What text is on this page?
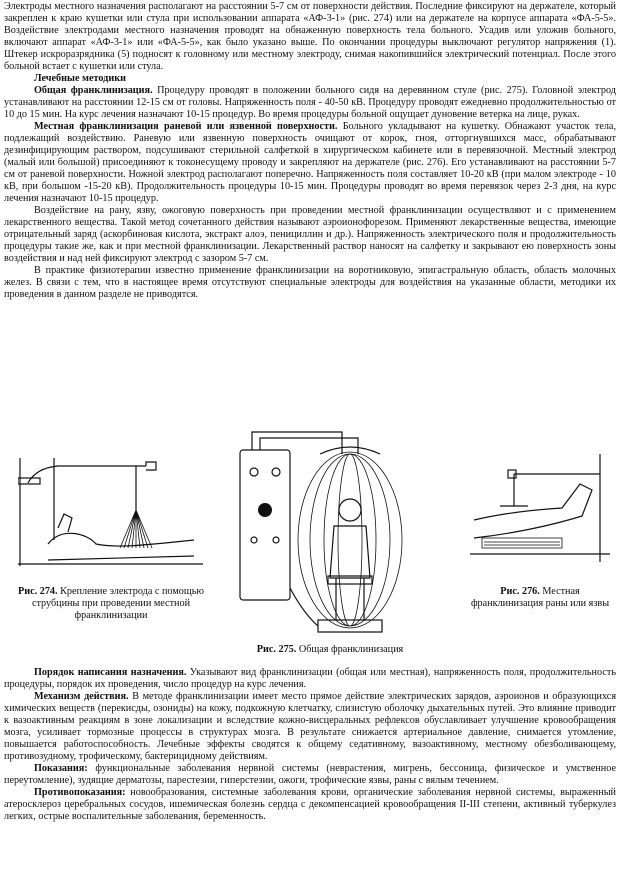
Электроды местного назначения располагают на расстоянии 5-7 см от поверхности действия. Последние фиксируют на держателе, который закреплен к краю кушетки или стула при использовании аппарата «АФ-3-1» (рис. 274) или на держателе на корпусе аппарата «ФА-5-5». Воздействие электродами местного назначения проводят на обнаженную поверхность тела больного. Усадив или уложив больного, включают аппарат «АФ-3-1» или «ФА-5-5», как было указано выше. По окончании процедуры выключают регулятор напряжения (1). Штекер искроразрядника (5) подносят к головному или местному электроду, снимая накопившийся электрический потенциал. После этого больной встает с кушетки или стула.

Лечебные методики

Общая франклинизация. Процедуру проводят в положении больного сидя на деревянном стуле (рис. 275). Головной электрод устанавливают на расстоянии 12-15 см от головы. Напряженность поля - 40-50 кВ. Процедуру проводят ежедневно продолжительностью от 10 до 15 мин. На курс лечения назначают 10-15 процедур. Во время процедуры больной ощущает дуновение ветерка на лице, руках.

Местная франклинизация раневой или язвенной поверхности. Больного укладывают на кушетку. Обнажают участок тела, подлежащий воздействию. Раневую или язвенную поверхность очищают от корок, гноя, отторгнувшихся масс, обрабатывают дезинфицирующим раствором, подсушивают стерильной салфеткой в хирургическом кабинете или в перевязочной. Местный электрод (малый или большой) присоединяют к токонесущему проводу и закрепляют на держателе (рис. 276). Его устанавливают на расстоянии 5-7 см от раневой поверхности. Ножной электрод располагают поперечно. Напряженность поля составляет 10-20 кВ (при малом электроде - 10 кВ, при большом -15-20 кВ). Продолжительность процедуры 10-15 мин. Процедуры проводят во время перевязок через 2-3 дня, на курс лечения назначают 10-15 процедур.

Воздействие на рану, язву, ожоговую поверхность при проведении местной франклинизации осуществляют и с применением лекарственного вещества. Такой метод сочетанного действия называют аэроионофорезом. Применяют лекарственные вещества, имеющие отрицательный заряд (аскорбиновая кислота, экстракт алоэ, пенициллин и др.). Напряженность электрического поля и продолжительность процедуры такие же, как и при местной франклинизации. Лекарственный раствор наносят на салфетку и закрывают ею поверхность зоны воздействия и над ней фиксируют электрод с зазором 5-7 см.

В практике физиотерапии известно применение франклинизации на воротниковую, эпигастральную область, область молочных желез. В связи с тем, что в настоящее время отсутствуют специальные электроды для воздействия на указанные области, методики их проведения в данном разделе не приводятся.

Рис. 274. Крепление электрода с помощью струбцины при проведении местной франклинизации
Рис. 275. Общая франклинизация
Рис. 276. Местная франклинизация раны или язвы

Порядок написания назначения. Указывают вид франклинизации (общая или местная), напряженность поля, продолжительность процедуры, порядок их проведения, число процедур на курс лечения.

Механизм действия. В методе франклинизации имеет место прямое действие электрических зарядов, аэроионов и образующихся химических веществ (перекисды, озониды) на кожу, подкожную клетчатку, слизистую оболочку дыхательных путей. Это влияние приводит к вазоактивным реакциям в зоне локализации и вследствие кожно-висцеральных рефлексов обуславливает улучшение кровообращения мозга, усиливает тормозные процессы в структурах мозга. В результате снижается артериальное давление, снимается утомление, повышается работоспособность. Лечебные эффекты сводятся к общему седативному, вазоактивному, местному обезболивающему, противозудному, трофическому, бактерицидному действиям.

Показания: функциональные заболевания нервной системы (неврастения, мигрень, бессоница, физическое и умственное переутомление), зудящие дерматозы, парестезии, гиперстезии, ожоги, трофические язвы, раны с вялым течением.

Противопоказания: новообразования, системные заболевания крови, органические заболевания нервной системы, выраженный атеросклероз церебральных сосудов, ишемическая болезнь сердца с декомпенсацией кровообращения II-III степени, активный туберкулез легких, острые воспалительные заболевания, беременность.
